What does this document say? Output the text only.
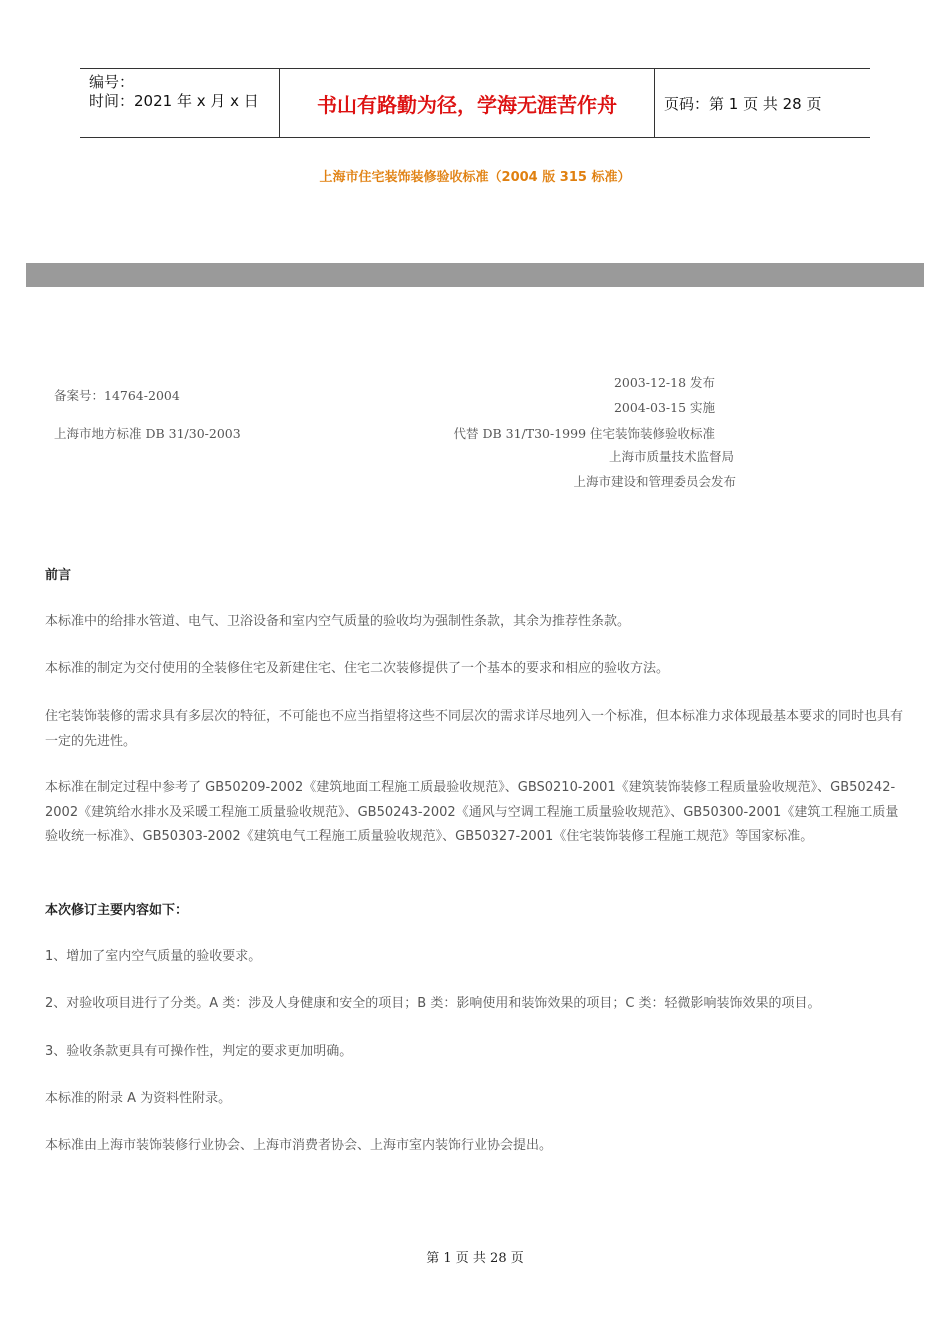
编号：
时间：2021 年 x 月 x 日	书山有路勤为径，学海无涯苦作舟	页码：第 1 页 共 28 页
上海市住宅装饰装修验收标准（2004 版 315 标准）
备案号：14764-2004
2003-12-18 发布
2004-03-15 实施
上海市地方标准 DB 31/30-2003	代替 DB 31/T30-1999 住宅装饰装修验收标准
上海市质量技术监督局
上海市建设和管理委员会发布
前言
本标准中的给排水管道、电气、卫浴设备和室内空气质量的验收均为强制性条款，其余为推荐性条款。
本标准的制定为交付使用的全装修住宅及新建住宅、住宅二次装修提供了一个基本的要求和相应的验收方法。
住宅装饰装修的需求具有多层次的特征，不可能也不应当指望将这些不同层次的需求详尽地列入一个标准，但本标准力求体现最基本要求的同时也具有一定的先进性。
本标准在制定过程中参考了 GB50209-2002《建筑地面工程施工质最验收规范》、GBS0210-2001《建筑装饰装修工程质量验收规范》、GB50242-2002《建筑给水排水及采暖工程施工质量验收规范》、GB50243-2002《通风与空调工程施工质量验收规范》、GB50300-2001《建筑工程施工质量验收统一标准》、GB50303-2002《建筑电气工程施工质量验收规范》、GB50327-2001《住宅装饰装修工程施工规范》等国家标准。
本次修订主要内容如下：
1、增加了室内空气质量的验收要求。
2、对验收项目进行了分类。A 类：涉及人身健康和安全的项目；B 类：影响使用和装饰效果的项目；C 类：轻微影响装饰效果的项目。
3、验收条款更具有可操作性，判定的要求更加明确。
本标准的附录 A 为资料性附录。
本标准由上海市装饰装修行业协会、上海市消费者协会、上海市室内装饰行业协会提出。
第 1 页 共 28 页
